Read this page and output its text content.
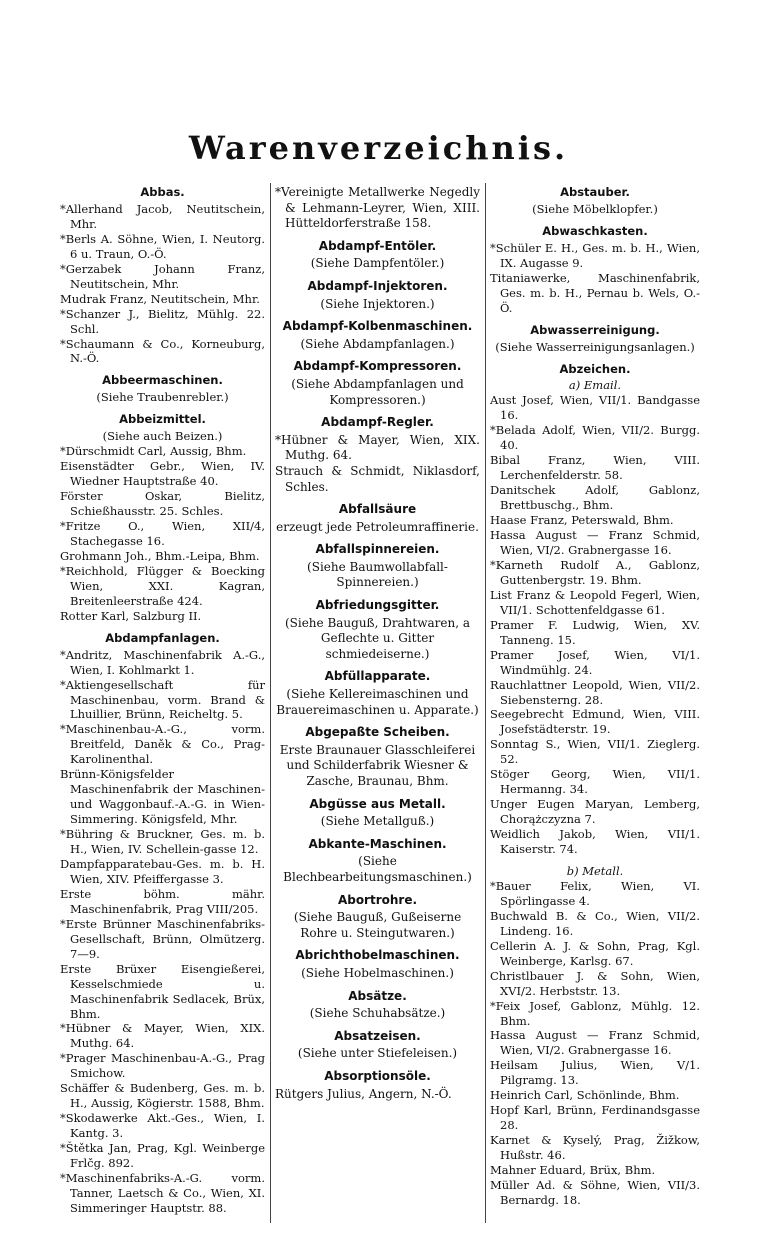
Warenverzeichnis.
Abbas.
*Allerhand Jacob, Neutitschein, Mhr.
*Berls A. Söhne, Wien, I. Neutorg. 6 u. Traun, O.-Ö.
*Gerzabek Johann Franz, Neutitschein, Mhr.
Mudrak Franz, Neutitschein, Mhr.
*Schanzer J., Bielitz, Mühlg. 22. Schl.
*Schaumann & Co., Korneuburg, N.-Ö.
Abbeermaschinen.
(Siehe Traubenrebler.)
Abbeizmittel.
(Siehe auch Beizen.)
*Dürschmidt Carl, Aussig, Bhm.
Eisenstädter Gebr., Wien, IV. Wiedner Hauptstraße 40.
Förster Oskar, Bielitz, Schießhausstr. 25. Schles.
*Fritze O., Wien, XII/4, Stachegasse 16.
Grohmann Joh., Bhm.-Leipa, Bhm.
*Reichhold, Flügger & Boecking Wien, XXI. Kagran, Breitenleerstraße 424.
Rotter Karl, Salzburg II.
Abdampfanlagen.
*Andritz, Maschinenfabrik A.-G., Wien, I. Kohlmarkt 1.
*Aktiengesellschaft für Maschinenbau, vorm. Brand & Lhuillier, Brünn, Reicheltg. 5.
*Maschinenbau-A.-G., vorm. Breitfeld, Daněk & Co., Prag-Karolinenthal.
Brünn-Königsfelder Maschinenfabrik der Maschinen- und Waggonbauf.-A.-G. in Wien-Simmering. Königsfeld, Mhr.
*Bühring & Bruckner, Ges. m. b. H., Wien, IV. Schellein-gasse 12.
Dampfapparatebau-Ges. m. b. H. Wien, XIV. Pfeiffergasse 3.
Erste böhm. mähr. Maschinenfabrik, Prag VIII/205.
*Erste Brünner Maschinenfabriks-Gesellschaft, Brünn, Olmützerg. 7—9.
Erste Brüxer Eisengießerei, Kesselschmiede u. Maschinenfabrik Sedlacek, Brüx, Bhm.
*Hübner & Mayer, Wien, XIX. Muthg. 64.
*Prager Maschinenbau-A.-G., Prag Smichow.
Schäffer & Budenberg, Ges. m. b. H., Aussig, Kögierstr. 1588, Bhm.
*Skodawerke Akt.-Ges., Wien, I. Kantg. 3.
*Štětka Jan, Prag, Kgl. Weinberge Frlčg. 892.
*Maschinenfabriks-A.-G. vorm. Tanner, Laetsch & Co., Wien, XI. Simmeringer Hauptstr. 88.
*Vereinigte Metallwerke Negedly & Lehmann-Leyrer, Wien, XIII. Hütteldorferstraße 158.
Abdampf-Entöler.
(Siehe Dampfentöler.)
Abdampf-Injektoren.
(Siehe Injektoren.)
Abdampf-Kolbenmaschinen.
(Siehe Abdampfanlagen.)
Abdampf-Kompressoren.
(Siehe Abdampfanlagen und Kompressoren.)
Abdampf-Regler.
*Hübner & Mayer, Wien, XIX. Muthg. 64.
Strauch & Schmidt, Niklasdorf, Schles.
Abfallsäure
erzeugt jede Petroleumraffinerie.
Abfallspinnereien.
(Siehe Baumwollabfall-Spinnereien.)
Abfriedungsgitter.
(Siehe Bauguß, Drahtwaren, a Geflechte u. Gitter schmiedeiserne.)
Abfüllapparate.
(Siehe Kellereimaschinen und Brauereimaschinen u. Apparate.)
Abgepaßte Scheiben.
Erste Braunauer Glasschleiferei und Schilderfabrik Wiesner & Zasche, Braunau, Bhm.
Abgüsse aus Metall.
(Siehe Metallguß.)
Abkante-Maschinen.
(Siehe Blechbearbeitungsmaschinen.)
Abortrohre.
(Siehe Bauguß, Gußeiserne Rohre u. Steingutwaren.)
Abrichthobelmaschinen.
(Siehe Hobelmaschinen.)
Absätze.
(Siehe Schuhabsätze.)
Absatzeisen.
(Siehe unter Stiefeleisen.)
Absorptionsöle.
Rütgers Julius, Angern, N.-Ö.
Abstauber.
(Siehe Möbelklopfer.)
Abwaschkasten.
*Schüler E. H., Ges. m. b. H., Wien, IX. Augasse 9.
Titaniawerke, Maschinenfabrik, Ges. m. b. H., Pernau b. Wels, O.-Ö.
Abwasserreinigung.
(Siehe Wasserreinigungsanlagen.)
Abzeichen.
a) Email.
Aust Josef, Wien, VII/1. Bandgasse 16.
*Belada Adolf, Wien, VII/2. Burgg. 40.
Bibal Franz, Wien, VIII. Lerchenfelderstr. 58.
Danitschek Adolf, Gablonz, Brettbuschg., Bhm.
Haase Franz, Peterswald, Bhm.
Hassa August — Franz Schmid, Wien, VI/2. Grabnergasse 16.
*Karneth Rudolf A., Gablonz, Guttenbergstr. 19. Bhm.
List Franz & Leopold Fegerl, Wien, VII/1. Schottenfeldgasse 61.
Pramer F. Ludwig, Wien, XV. Tanneng. 15.
Pramer Josef, Wien, VI/1. Windmühlg. 24.
Rauchlattner Leopold, Wien, VII/2. Siebensterng. 28.
Seegebrecht Edmund, Wien, VIII. Josefstädterstr. 19.
Sonntag S., Wien, VII/1. Zieglerg. 52.
Stöger Georg, Wien, VII/1. Hermanng. 34.
Unger Eugen Maryan, Lemberg, Chorążczyzna 7.
Weidlich Jakob, Wien, VII/1. Kaiserstr. 74.
b) Metall.
*Bauer Felix, Wien, VI. Spörlingasse 4.
Buchwald B. & Co., Wien, VII/2. Lindeng. 16.
Cellerin A. J. & Sohn, Prag, Kgl. Weinberge, Karlsg. 67.
Christlbauer J. & Sohn, Wien, XVI/2. Herbststr. 13.
*Feix Josef, Gablonz, Mühlg. 12. Bhm.
Hassa August — Franz Schmid, Wien, VI/2. Grabnergasse 16.
Heilsam Julius, Wien, V/1. Pilgramg. 13.
Heinrich Carl, Schönlinde, Bhm.
Hopf Karl, Brünn, Ferdinandsgasse 28.
Karnet & Kyselý, Prag, Žižkow, Hußstr. 46.
Mahner Eduard, Brüx, Bhm.
Müller Ad. & Söhne, Wien, VII/3. Bernardg. 18.
